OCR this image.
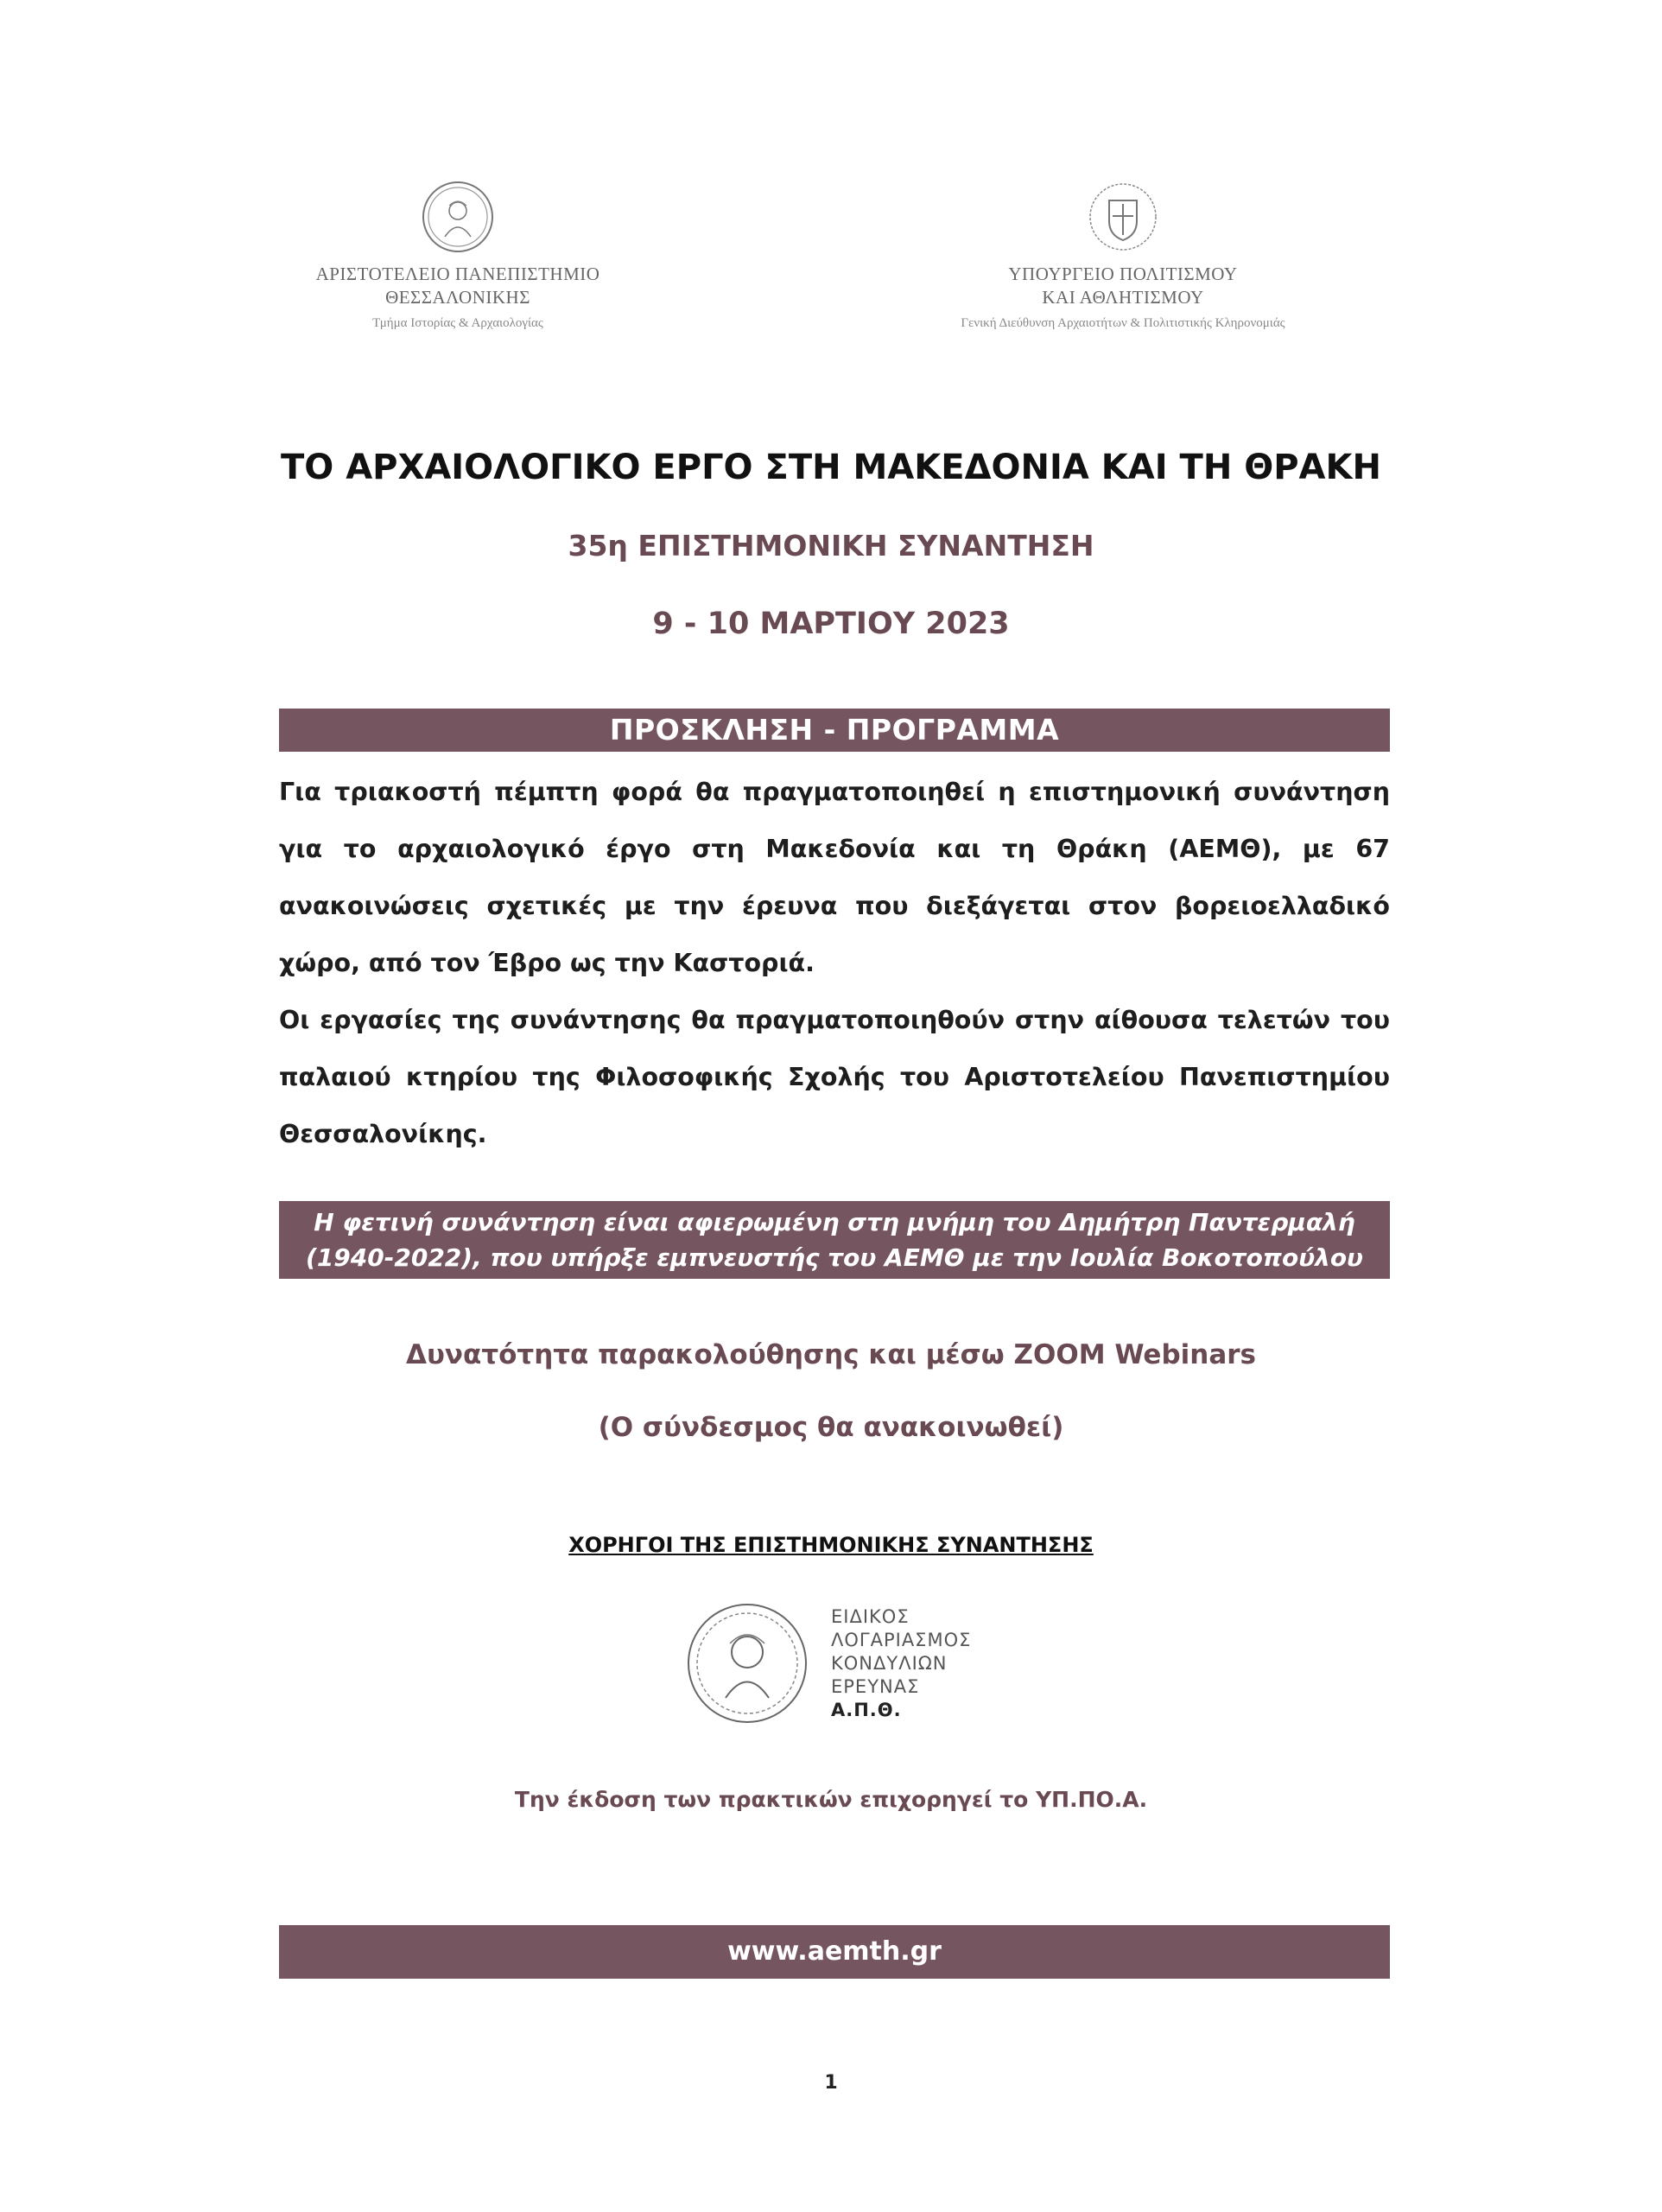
ΑΡΙΣΤΟΤΕΛΕΙΟ ΠΑΝΕΠΙΣΤΗΜΙΟ
ΘΕΣΣΑΛΟΝΙΚΗΣ
Τμήμα Ιστορίας & Αρχαιολογίας
ΥΠΟΥΡΓΕΙΟ ΠΟΛΙΤΙΣΜΟΥ
ΚΑΙ ΑΘΛΗΤΙΣΜΟΥ
Γενική Διεύθυνση Αρχαιοτήτων & Πολιτιστικής Κληρονομιάς
ΤΟ ΑΡΧΑΙΟΛΟΓΙΚΟ ΕΡΓΟ ΣΤΗ ΜΑΚΕΔΟΝΙΑ ΚΑΙ ΤΗ ΘΡΑΚΗ
35η ΕΠΙΣΤΗΜΟΝΙΚΗ ΣΥΝΑΝΤΗΣΗ
9 - 10 ΜΑΡΤΙΟΥ 2023
ΠΡΟΣΚΛΗΣΗ - ΠΡΟΓΡΑΜΜΑ
Για τριακοστή πέμπτη φορά θα πραγματοποιηθεί η επιστημονική συνάντηση για το αρχαιολογικό έργο στη Μακεδονία και τη Θράκη (ΑΕΜΘ), με 67 ανακοινώσεις σχετικές με την έρευνα που διεξάγεται στον βορειοελλαδικό χώρο, από τον Έβρο ως την Καστοριά.
Οι εργασίες της συνάντησης θα πραγματοποιηθούν στην αίθουσα τελετών του παλαιού κτηρίου της Φιλοσοφικής Σχολής του Αριστοτελείου Πανεπιστημίου Θεσσαλονίκης.
Η φετινή συνάντηση είναι αφιερωμένη στη μνήμη του Δημήτρη Παντερμαλή
(1940-2022), που υπήρξε εμπνευστής του ΑΕΜΘ με την Ιουλία Βοκοτοπούλου
Δυνατότητα παρακολούθησης και μέσω ZOOM Webinars
(Ο σύνδεσμος θα ανακοινωθεί)
ΧΟΡΗΓΟΙ ΤΗΣ ΕΠΙΣΤΗΜΟΝΙΚΗΣ ΣΥΝΑΝΤΗΣΗΣ
ΕΙΔΙΚΟΣ
ΛΟΓΑΡΙΑΣΜΟΣ
ΚΟΝΔΥΛΙΩΝ
ΕΡΕΥΝΑΣ
Α.Π.Θ.
Την έκδοση των πρακτικών επιχορηγεί το ΥΠ.ΠΟ.Α.
www.aemth.gr
1
